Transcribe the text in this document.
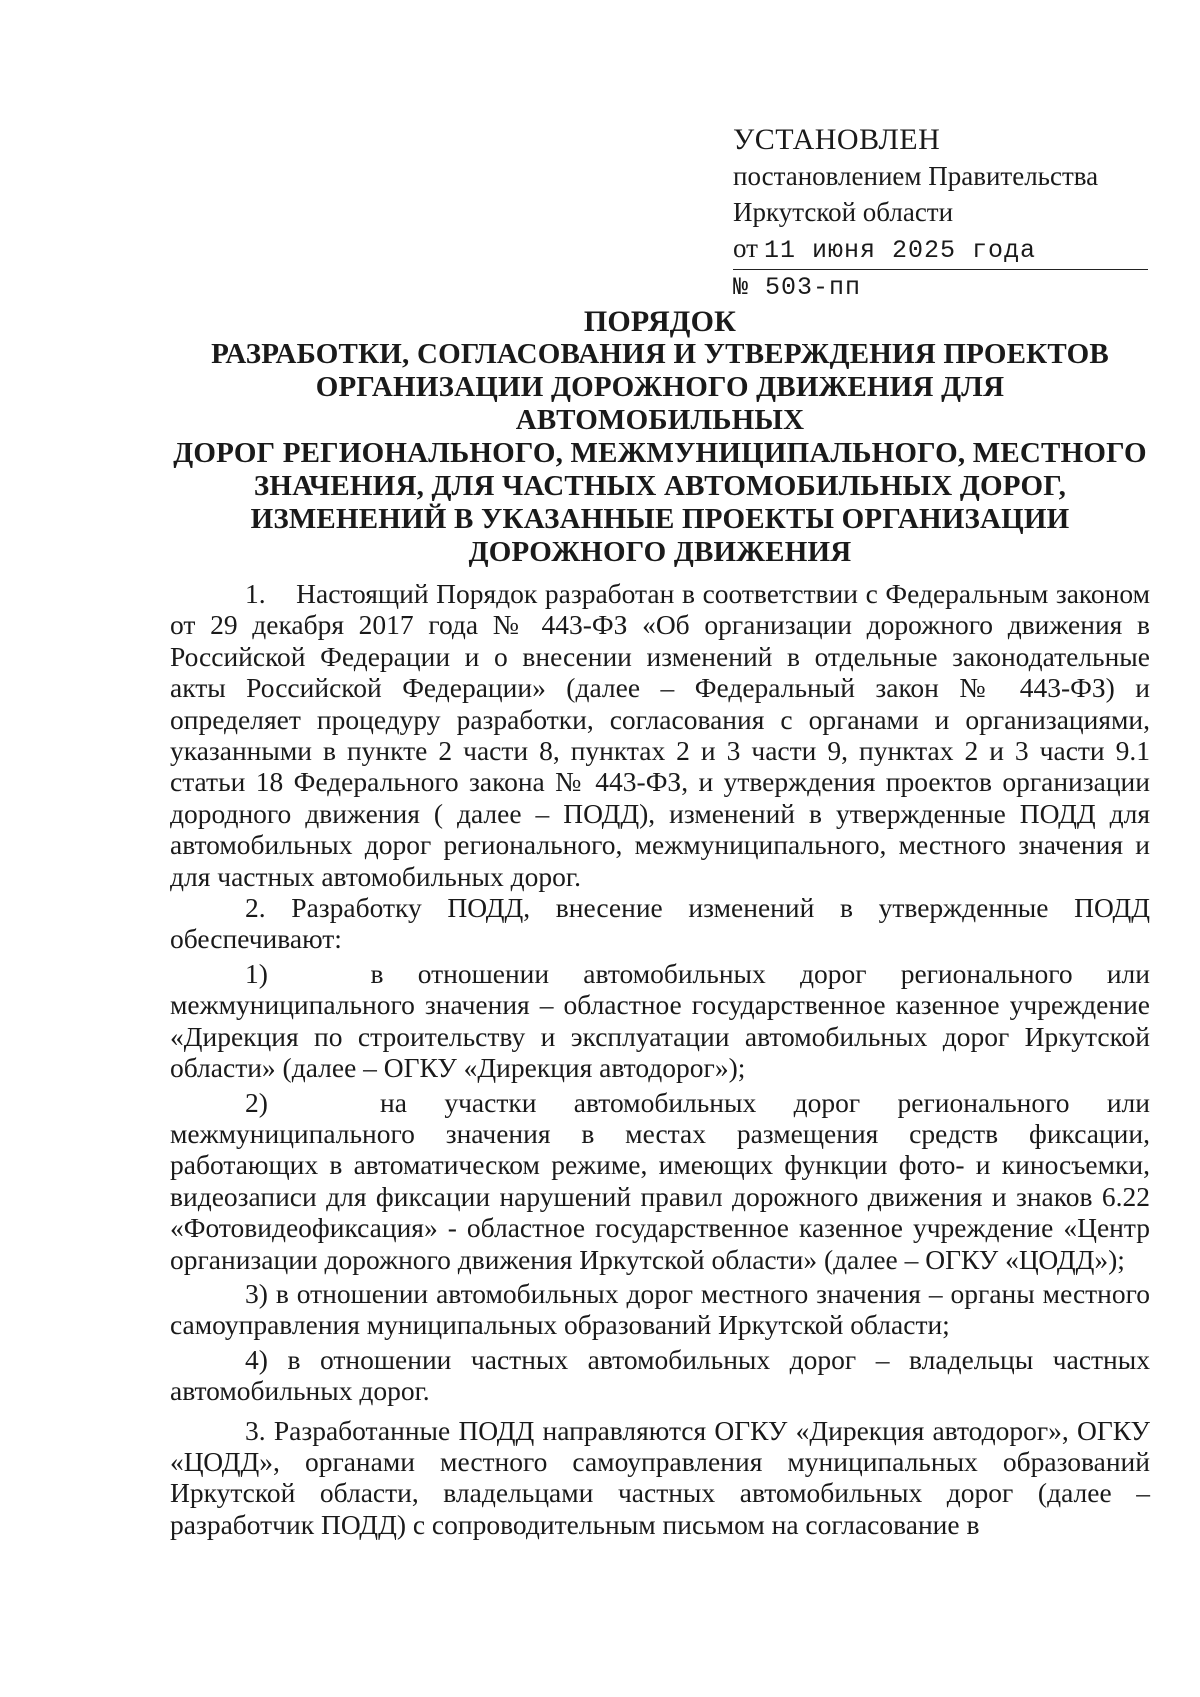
УСТАНОВЛЕН
постановлением Правительства
Иркутской области
от 11 июня 2025 года
№ 503-пп
ПОРЯДОК
РАЗРАБОТКИ, СОГЛАСОВАНИЯ И УТВЕРЖДЕНИЯ ПРОЕКТОВ
ОРГАНИЗАЦИИ ДОРОЖНОГО ДВИЖЕНИЯ ДЛЯ АВТОМОБИЛЬНЫХ
ДОРОГ РЕГИОНАЛЬНОГО, МЕЖМУНИЦИПАЛЬНОГО, МЕСТНОГО
ЗНАЧЕНИЯ, ДЛЯ ЧАСТНЫХ АВТОМОБИЛЬНЫХ ДОРОГ,
ИЗМЕНЕНИЙ В УКАЗАННЫЕ ПРОЕКТЫ ОРГАНИЗАЦИИ
ДОРОЖНОГО ДВИЖЕНИЯ

1.    Настоящий Порядок разработан в соответствии с Федеральным законом от 29 декабря 2017 года № 443-ФЗ «Об организации дорожного движения в Российской Федерации и о внесении изменений в отдельные законодательные акты Российской Федерации» (далее – Федеральный закон № 443-ФЗ) и определяет процедуру разработки, согласования с органами и организациями, указанными в пункте 2 части 8, пунктах 2 и 3 части 9, пунктах 2 и 3 части 9.1 статьи 18 Федерального закона № 443-ФЗ, и утверждения проектов организации дородного движения ( далее – ПОДД), изменений в утвержденные ПОДД для автомобильных дорог регионального, межмуниципального, местного значения и для частных автомобильных дорог.

2. Разработку ПОДД, внесение изменений в утвержденные ПОДД обеспечивают:

1)   в отношении автомобильных дорог регионального или межмуниципального значения – областное государственное казенное учреждение «Дирекция по строительству и эксплуатации автомобильных дорог Иркутской области» (далее – ОГКУ «Дирекция автодорог»);

2)   на участки автомобильных дорог регионального или межмуниципального значения в местах размещения средств фиксации, работающих в автоматическом режиме, имеющих функции фото- и киносъемки, видеозаписи для фиксации нарушений правил дорожного движения и знаков 6.22 «Фотовидеофиксация» - областное государственное казенное учреждение «Центр организации дорожного движения Иркутской области» (далее – ОГКУ «ЦОДД»);

3) в отношении автомобильных дорог местного значения – органы местного самоуправления муниципальных образований Иркутской области;

4) в отношении частных автомобильных дорог – владельцы частных автомобильных дорог.

3. Разработанные ПОДД направляются ОГКУ «Дирекция автодорог», ОГКУ «ЦОДД», органами местного самоуправления муниципальных образований Иркутской области, владельцами частных автомобильных дорог (далее – разработчик ПОДД) с сопроводительным письмом на согласование в
